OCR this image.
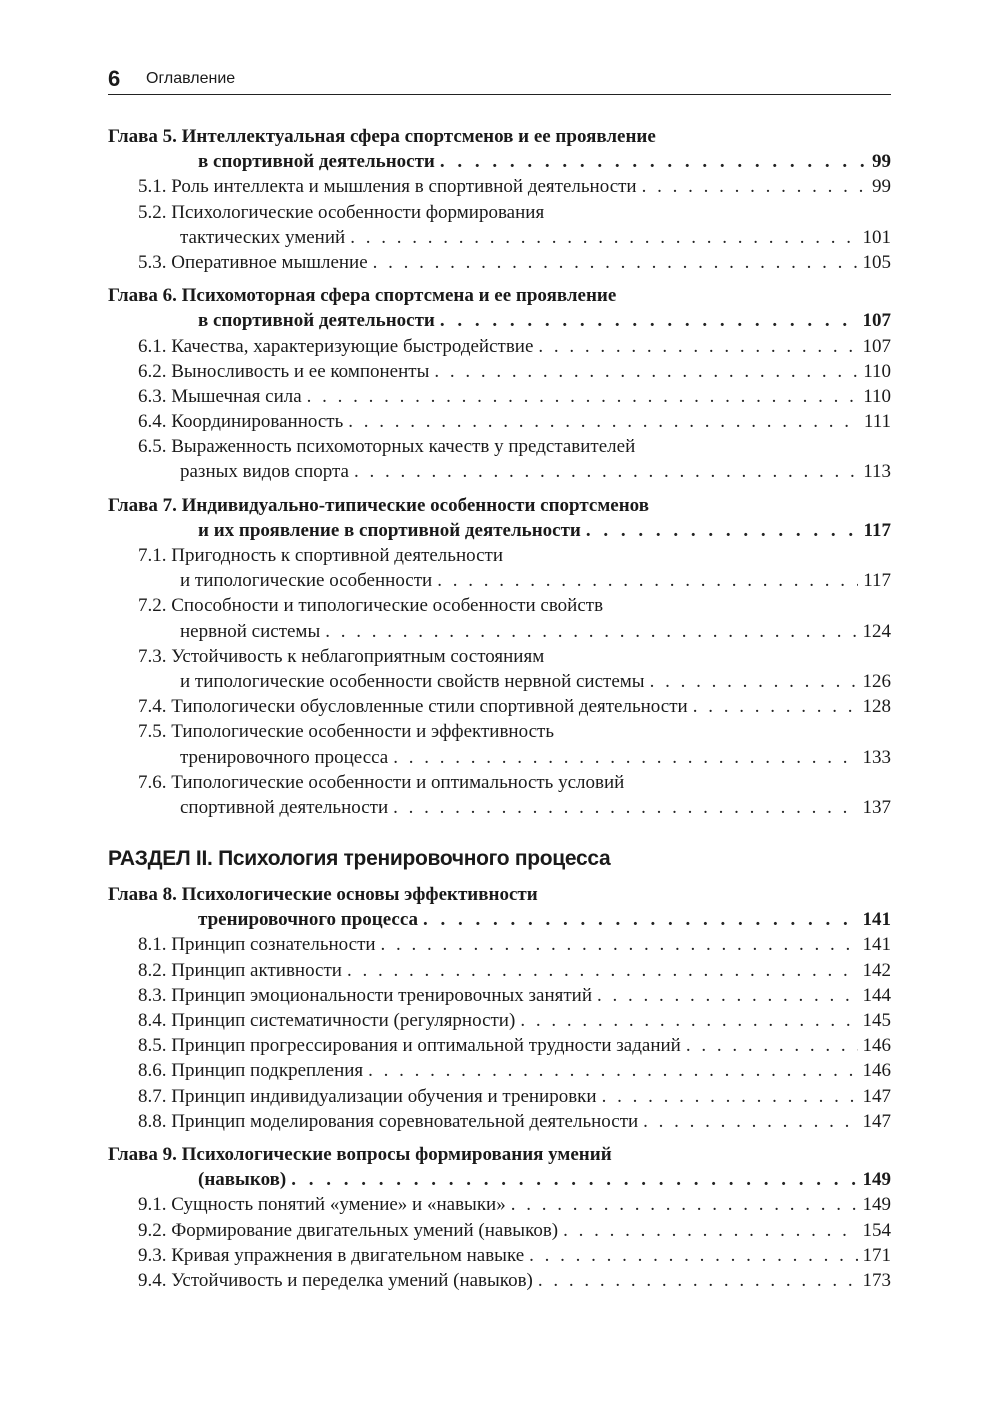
6 Оглавление
Глава 5. Интеллектуальная сфера спортсменов и ее проявление
в спортивной деятельности . . .	99
5.1. Роль интеллекта и мышления в спортивной деятельности . . .	99
5.2. Психологические особенности формирования
тактических умений . . .	101
5.3. Оперативное мышление . . .	105
Глава 6. Психомоторная сфера спортсмена и ее проявление
в спортивной деятельности . . .	107
6.1. Качества, характеризующие быстродействие . . .	107
6.2. Выносливость и ее компоненты . . .	110
6.3. Мышечная сила . . .	110
6.4. Координированность . . .	111
6.5. Выраженность психомоторных качеств у представителей
разных видов спорта . . .	113
Глава 7. Индивидуально-типические особенности спортсменов
и их проявление в спортивной деятельности . . .	117
7.1. Пригодность к спортивной деятельности
и типологические особенности . . .	117
7.2. Способности и типологические особенности свойств
нервной системы . . .	124
7.3. Устойчивость к неблагоприятным состояниям
и типологические особенности свойств нервной системы . . .	126
7.4. Типологически обусловленные стили спортивной деятельности . . .	128
7.5. Типологические особенности и эффективность
тренировочного процесса . . .	133
7.6. Типологические особенности и оптимальность условий
спортивной деятельности . . .	137
РАЗДЕЛ II. Психология тренировочного процесса
Глава 8. Психологические основы эффективности
тренировочного процесса . . .	141
8.1. Принцип сознательности . . .	141
8.2. Принцип активности . . .	142
8.3. Принцип эмоциональности тренировочных занятий . . .	144
8.4. Принцип систематичности (регулярности) . . .	145
8.5. Принцип прогрессирования и оптимальной трудности заданий . . .	146
8.6. Принцип подкрепления . . .	146
8.7. Принцип индивидуализации обучения и тренировки . . .	147
8.8. Принцип моделирования соревновательной деятельности . . .	147
Глава 9. Психологические вопросы формирования умений
(навыков) . . .	149
9.1. Сущность понятий «умение» и «навыки» . . .	149
9.2. Формирование двигательных умений (навыков) . . .	154
9.3. Кривая упражнения в двигательном навыке . . .	171
9.4. Устойчивость и переделка умений (навыков) . . .	173
